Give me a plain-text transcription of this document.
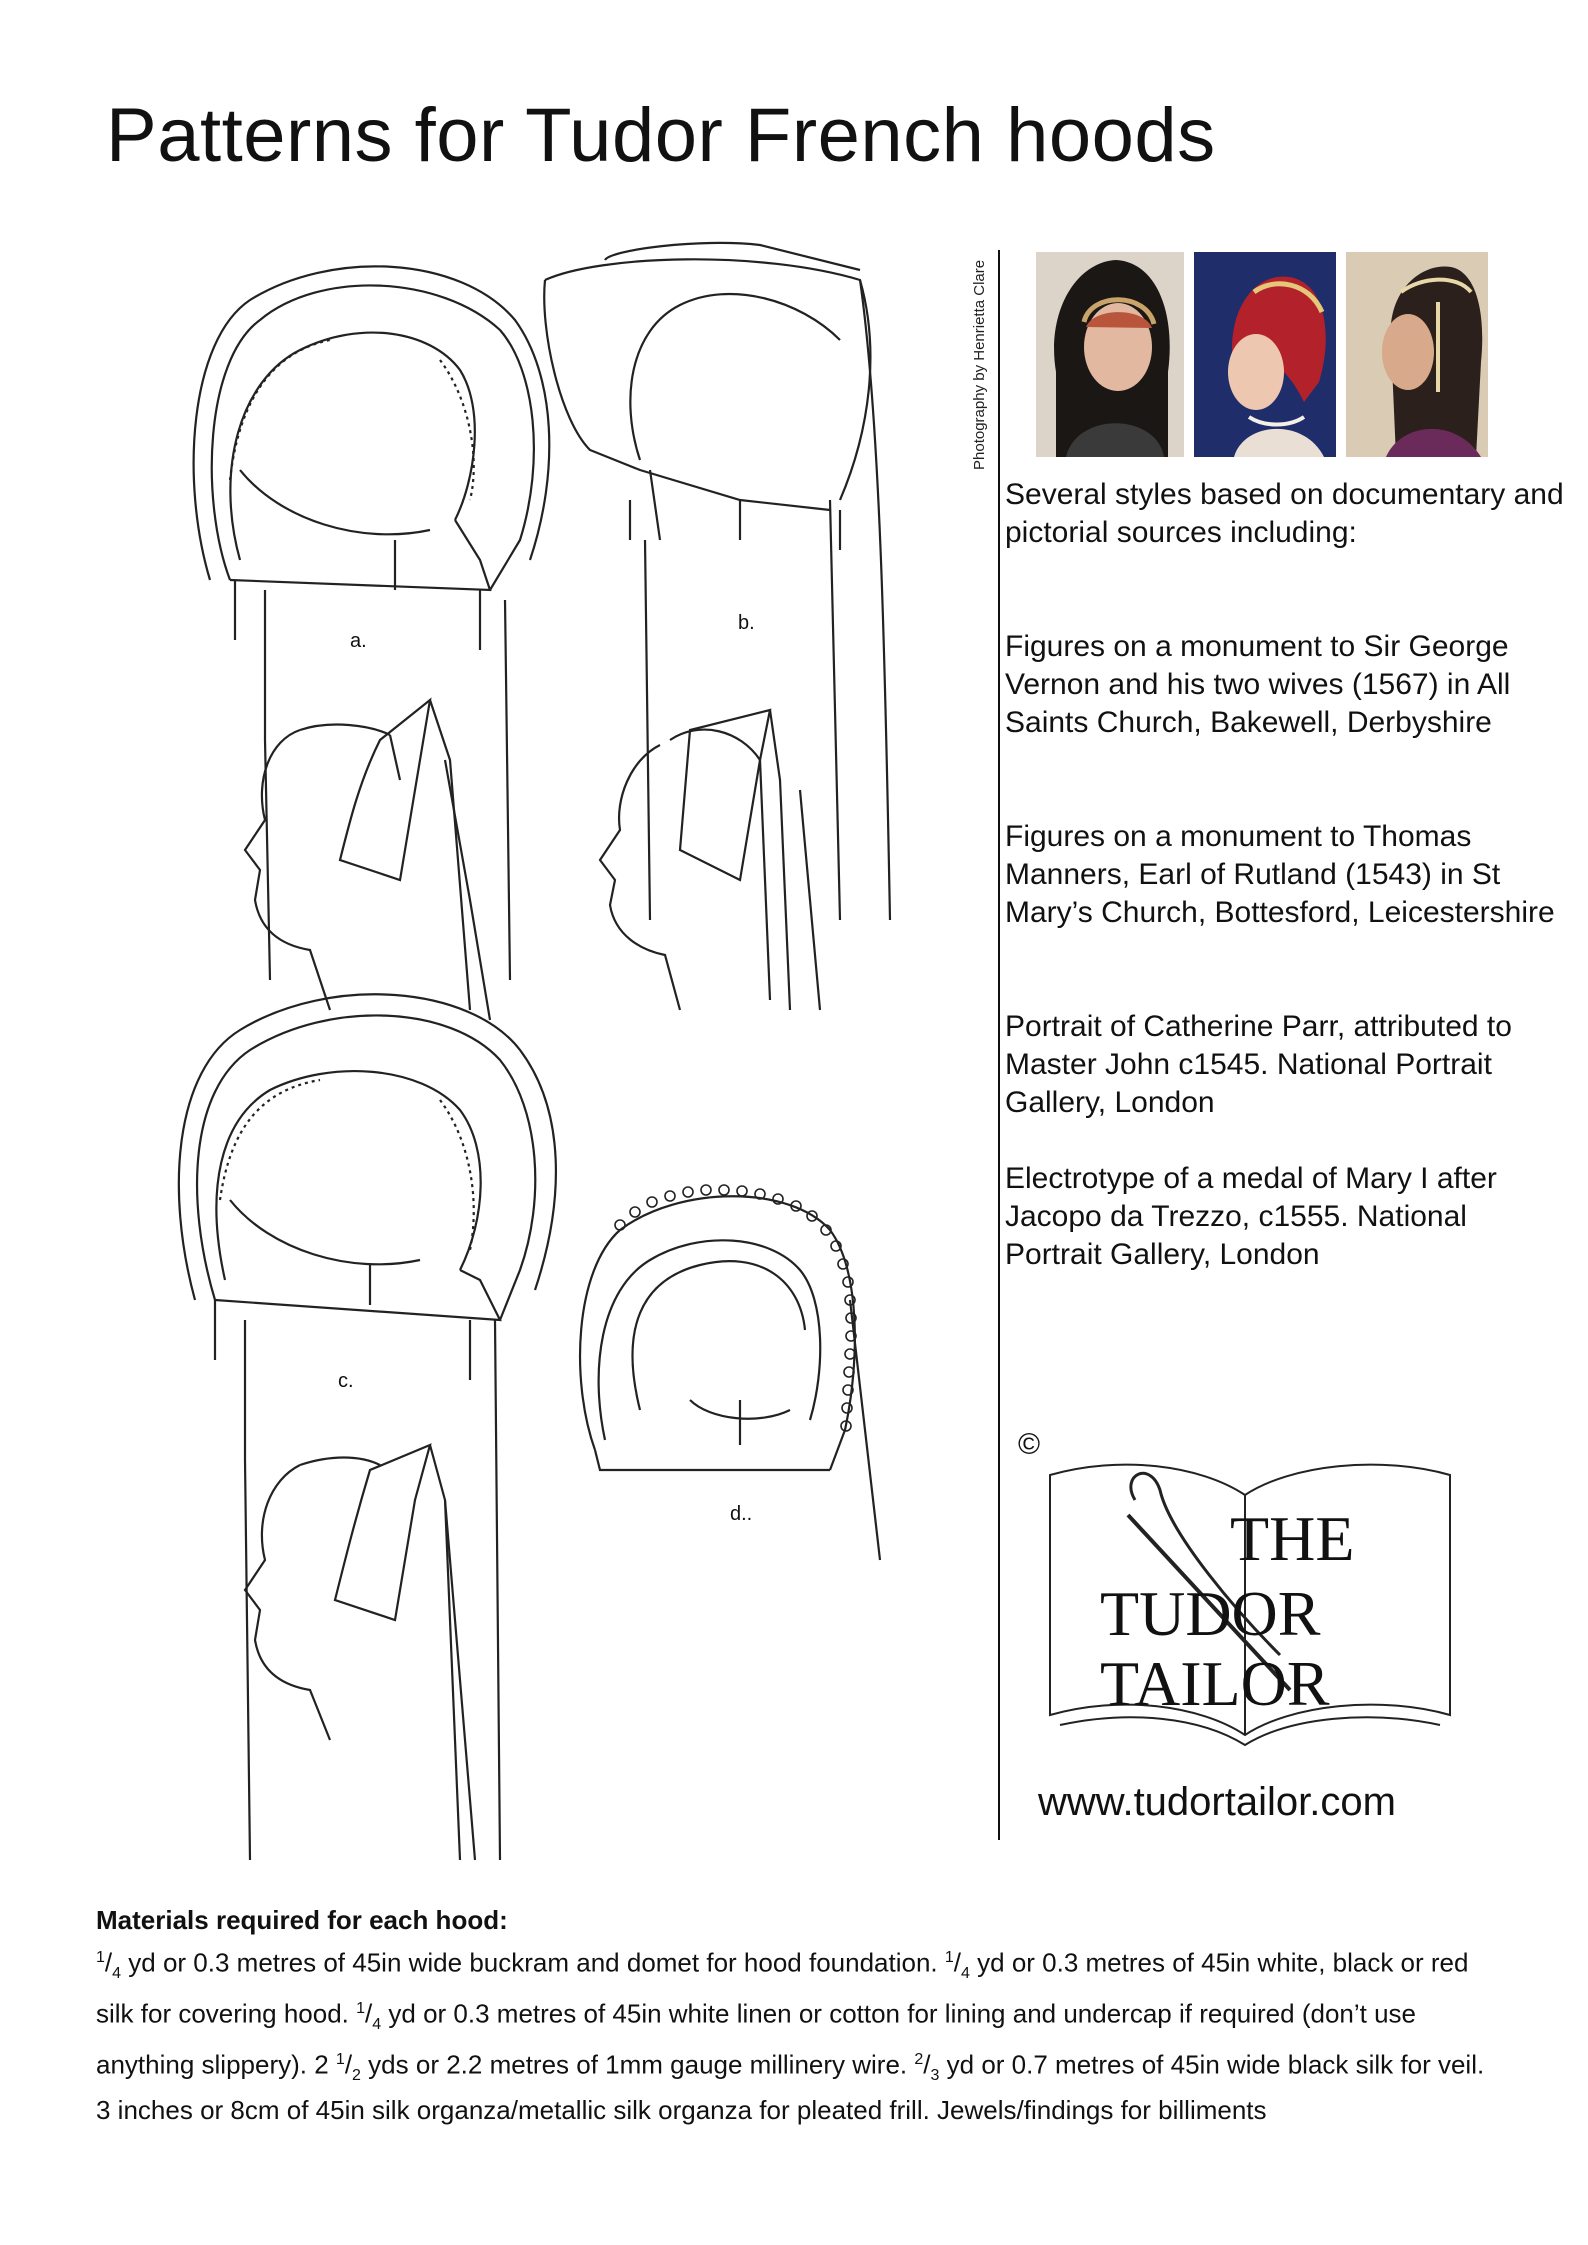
Patterns for Tudor French hoods
a.
b.
c.
d..
Photography by Henrietta Clare
Several styles based on documentary and pictorial sources including:
Figures on a monument to Sir George Vernon and his two wives (1567) in All Saints Church, Bakewell, Derbyshire
Figures on a monument to Thomas Manners, Earl of Rutland (1543) in St Mary’s Church, Bottesford, Leicestershire
Portrait of Catherine Parr, attributed to Master John c1545. National Portrait Gallery, London
Electrotype of a medal of Mary I after Jacopo da Trezzo, c1555. National Portrait Gallery, London
©
THE
TUDOR
TAILOR
www.tudortailor.com
Materials required for each hood:
$^1/_4$ yd or 0.3 metres of 45in wide buckram and domet for hood foundation. $^1/_4$ yd or 0.3 metres of 45in white, black or red silk for covering hood. $^1/_4$ yd or 0.3 metres of 45in white linen or cotton for lining and undercap if required (don’t use anything slippery). 2 $^1/_2$ yds or 2.2 metres of 1mm gauge millinery wire. $^2/_3$ yd or 0.7 metres of 45in wide black silk for veil. 3 inches or 8cm of 45in silk organza/metallic silk organza for pleated frill. Jewels/findings for billiments
